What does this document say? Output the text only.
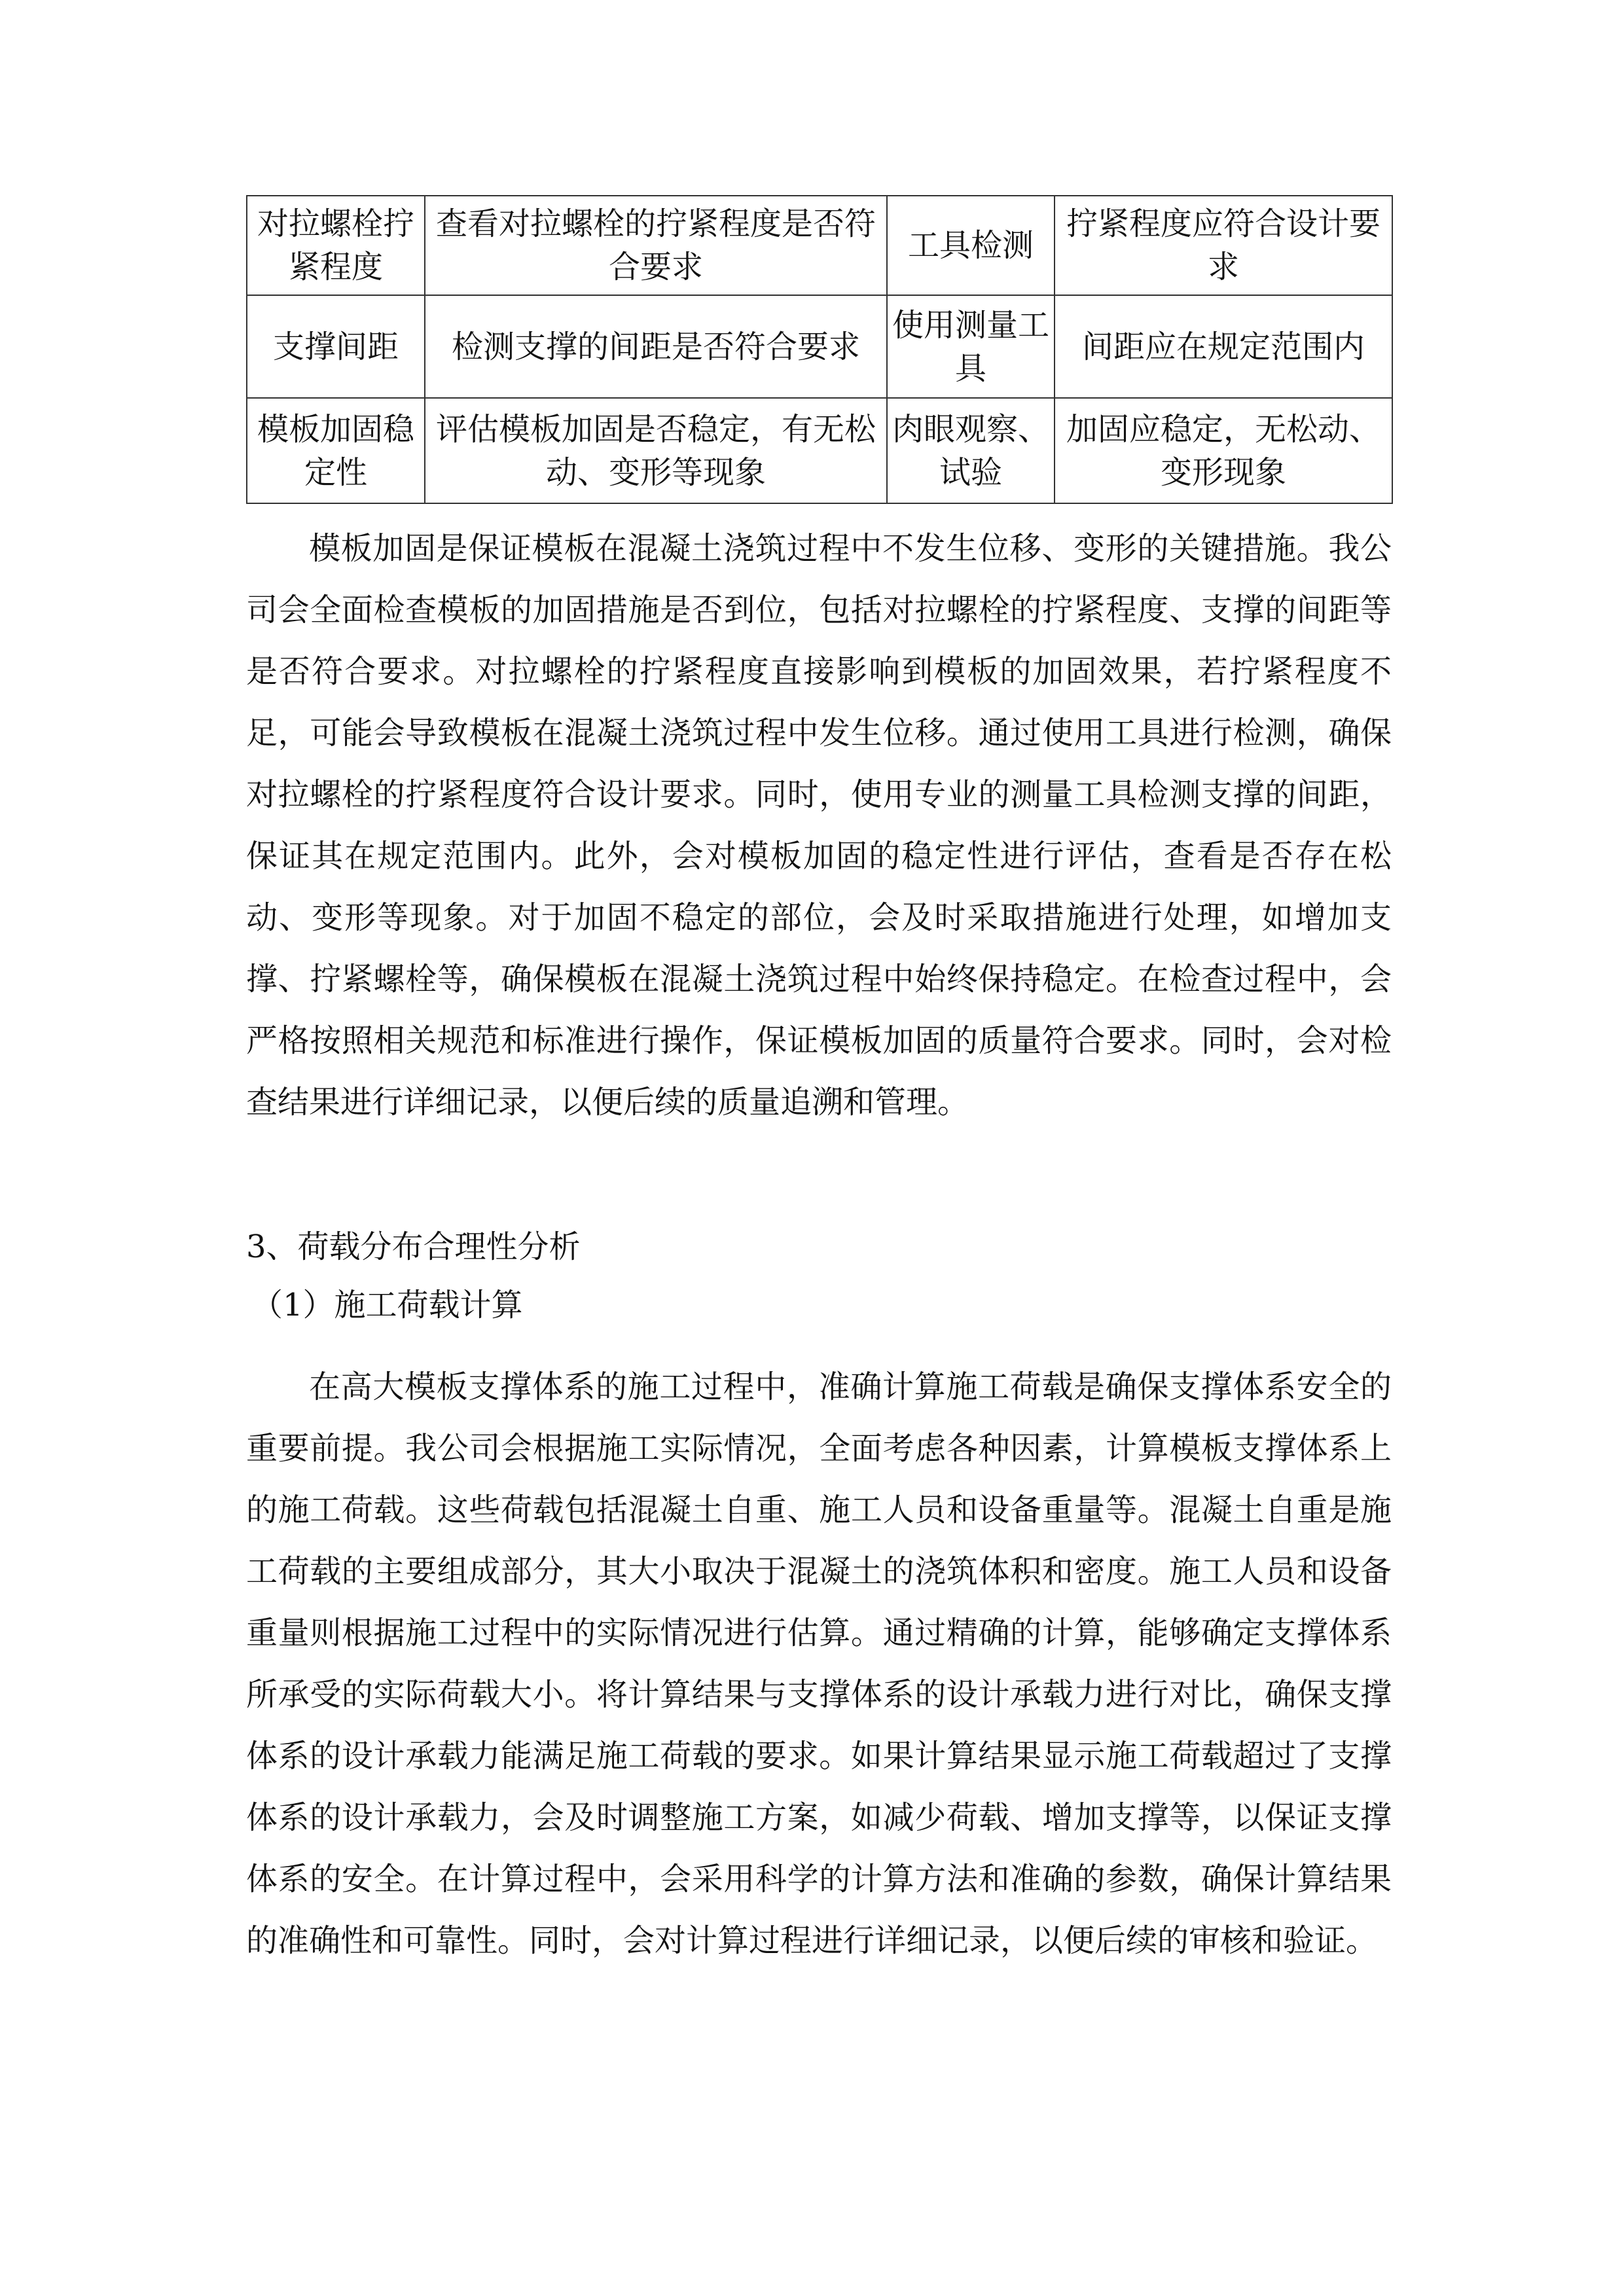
对拉螺栓拧紧程度	查看对拉螺栓的拧紧程度是否符合要求	工具检测	拧紧程度应符合设计要求
支撑间距	检测支撑的间距是否符合要求	使用测量工具	间距应在规定范围内
模板加固稳定性	评估模板加固是否稳定，有无松动、变形等现象	肉眼观察、试验	加固应稳定，无松动、变形现象

模板加固是保证模板在混凝土浇筑过程中不发生位移、变形的关键措施。我公司会全面检查模板的加固措施是否到位，包括对拉螺栓的拧紧程度、支撑的间距等是否符合要求。对拉螺栓的拧紧程度直接影响到模板的加固效果，若拧紧程度不足，可能会导致模板在混凝土浇筑过程中发生位移。通过使用工具进行检测，确保对拉螺栓的拧紧程度符合设计要求。同时，使用专业的测量工具检测支撑的间距，保证其在规定范围内。此外，会对模板加固的稳定性进行评估，查看是否存在松动、变形等现象。对于加固不稳定的部位，会及时采取措施进行处理，如增加支撑、拧紧螺栓等，确保模板在混凝土浇筑过程中始终保持稳定。在检查过程中，会严格按照相关规范和标准进行操作，保证模板加固的质量符合要求。同时，会对检查结果进行详细记录，以便后续的质量追溯和管理。

3、荷载分布合理性分析
（1）施工荷载计算

在高大模板支撑体系的施工过程中，准确计算施工荷载是确保支撑体系安全的重要前提。我公司会根据施工实际情况，全面考虑各种因素，计算模板支撑体系上的施工荷载。这些荷载包括混凝土自重、施工人员和设备重量等。混凝土自重是施工荷载的主要组成部分，其大小取决于混凝土的浇筑体积和密度。施工人员和设备重量则根据施工过程中的实际情况进行估算。通过精确的计算，能够确定支撑体系所承受的实际荷载大小。将计算结果与支撑体系的设计承载力进行对比，确保支撑体系的设计承载力能满足施工荷载的要求。如果计算结果显示施工荷载超过了支撑体系的设计承载力，会及时调整施工方案，如减少荷载、增加支撑等，以保证支撑体系的安全。在计算过程中，会采用科学的计算方法和准确的参数，确保计算结果的准确性和可靠性。同时，会对计算过程进行详细记录，以便后续的审核和验证。
